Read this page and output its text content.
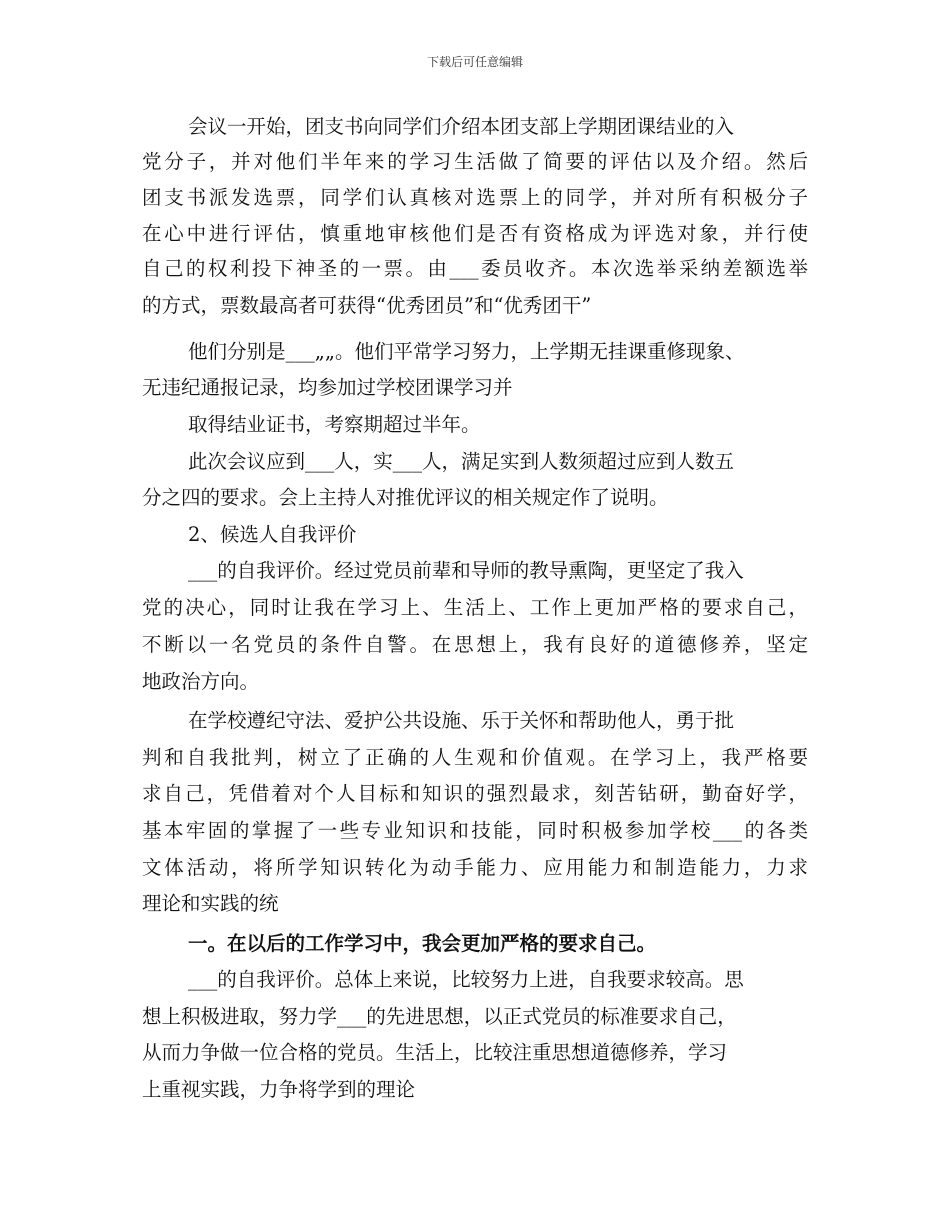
下载后可任意编辑
会议一开始，团支书向同学们介绍本团支部上学期团课结业的入
党分子，并对他们半年来的学习生活做了简要的评估以及介绍。然后
团支书派发选票，同学们认真核对选票上的同学，并对所有积极分子
在心中进行评估，慎重地审核他们是否有资格成为评选对象，并行使
自己的权利投下神圣的一票。由___委员收齐。本次选举采纳差额选举
的方式，票数最高者可获得“优秀团员”和“优秀团干”
他们分别是___„„。他们平常学习努力，上学期无挂课重修现象、
无违纪通报记录，均参加过学校团课学习并
取得结业证书，考察期超过半年。
此次会议应到___人，实___人，满足实到人数须超过应到人数五
分之四的要求。会上主持人对推优评议的相关规定作了说明。
2、候选人自我评价
___的自我评价。经过党员前辈和导师的教导熏陶，更坚定了我入
党的决心，同时让我在学习上、生活上、工作上更加严格的要求自己，
不断以一名党员的条件自警。在思想上，我有良好的道德修养，坚定
地政治方向。
在学校遵纪守法、爱护公共设施、乐于关怀和帮助他人，勇于批
判和自我批判，树立了正确的人生观和价值观。在学习上，我严格要
求自己，凭借着对个人目标和知识的强烈最求，刻苦钻研，勤奋好学，
基本牢固的掌握了一些专业知识和技能，同时积极参加学校___的各类
文体活动，将所学知识转化为动手能力、应用能力和制造能力，力求
理论和实践的统
一。在以后的工作学习中，我会更加严格的要求自己。
___的自我评价。总体上来说，比较努力上进，自我要求较高。思
想上积极进取，努力学___的先进思想，以正式党员的标准要求自己，
从而力争做一位合格的党员。生活上，比较注重思想道德修养，学习
上重视实践，力争将学到的理论
